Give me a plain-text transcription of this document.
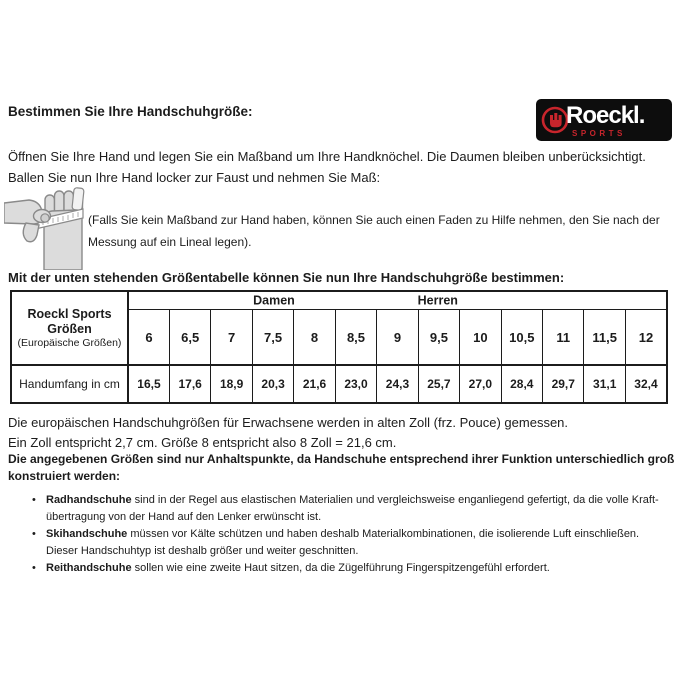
Bestimmen Sie Ihre Handschuhgröße:	Roeckl.
SPORTS
Öffnen Sie Ihre Hand und legen Sie ein Maßband um Ihre Handknöchel. Die Daumen bleiben unberücksichtigt.
Ballen Sie nun Ihre Hand locker zur Faust und nehmen Sie Maß:
(Falls Sie kein Maßband zur Hand haben, können Sie auch einen Faden zu Hilfe nehmen, den Sie nach der
Messung auf ein Lineal legen).
Mit der unten stehenden Größentabelle können Sie nun Ihre Handschuhgröße bestimmen:
Roeckl Sports
Größen
(Europäische Größen)

Damen	Herren

	6	6,5	7	7,5	8	8,5	9	9,5	10	10,5	11	11,5	12
Handumfang in cm	16,5	17,6	18,9	20,3	21,6	23,0	24,3	25,7	27,0	28,4	29,7	31,1	32,4
Die europäischen Handschuhgrößen für Erwachsene werden in alten Zoll (frz. Pouce) gemessen.
Ein Zoll entspricht 2,7 cm. Größe 8 entspricht also 8 Zoll = 21,6 cm.
Die angegebenen Größen sind nur Anhaltspunkte, da Handschuhe entsprechend ihrer Funktion unterschiedlich groß
konstruiert werden:
• Radhandschuhe sind in der Regel aus elastischen Materialien und vergleichsweise enganliegend gefertigt, da die volle Kraft-
übertragung von der Hand auf den Lenker erwünscht ist.
• Skihandschuhe müssen vor Kälte schützen und haben deshalb Materialkombinationen, die isolierende Luft einschließen.
Dieser Handschuhtyp ist deshalb größer und weiter geschnitten.
• Reithandschuhe sollen wie eine zweite Haut sitzen, da die Zügelführung Fingerspitzengefühl erfordert.
